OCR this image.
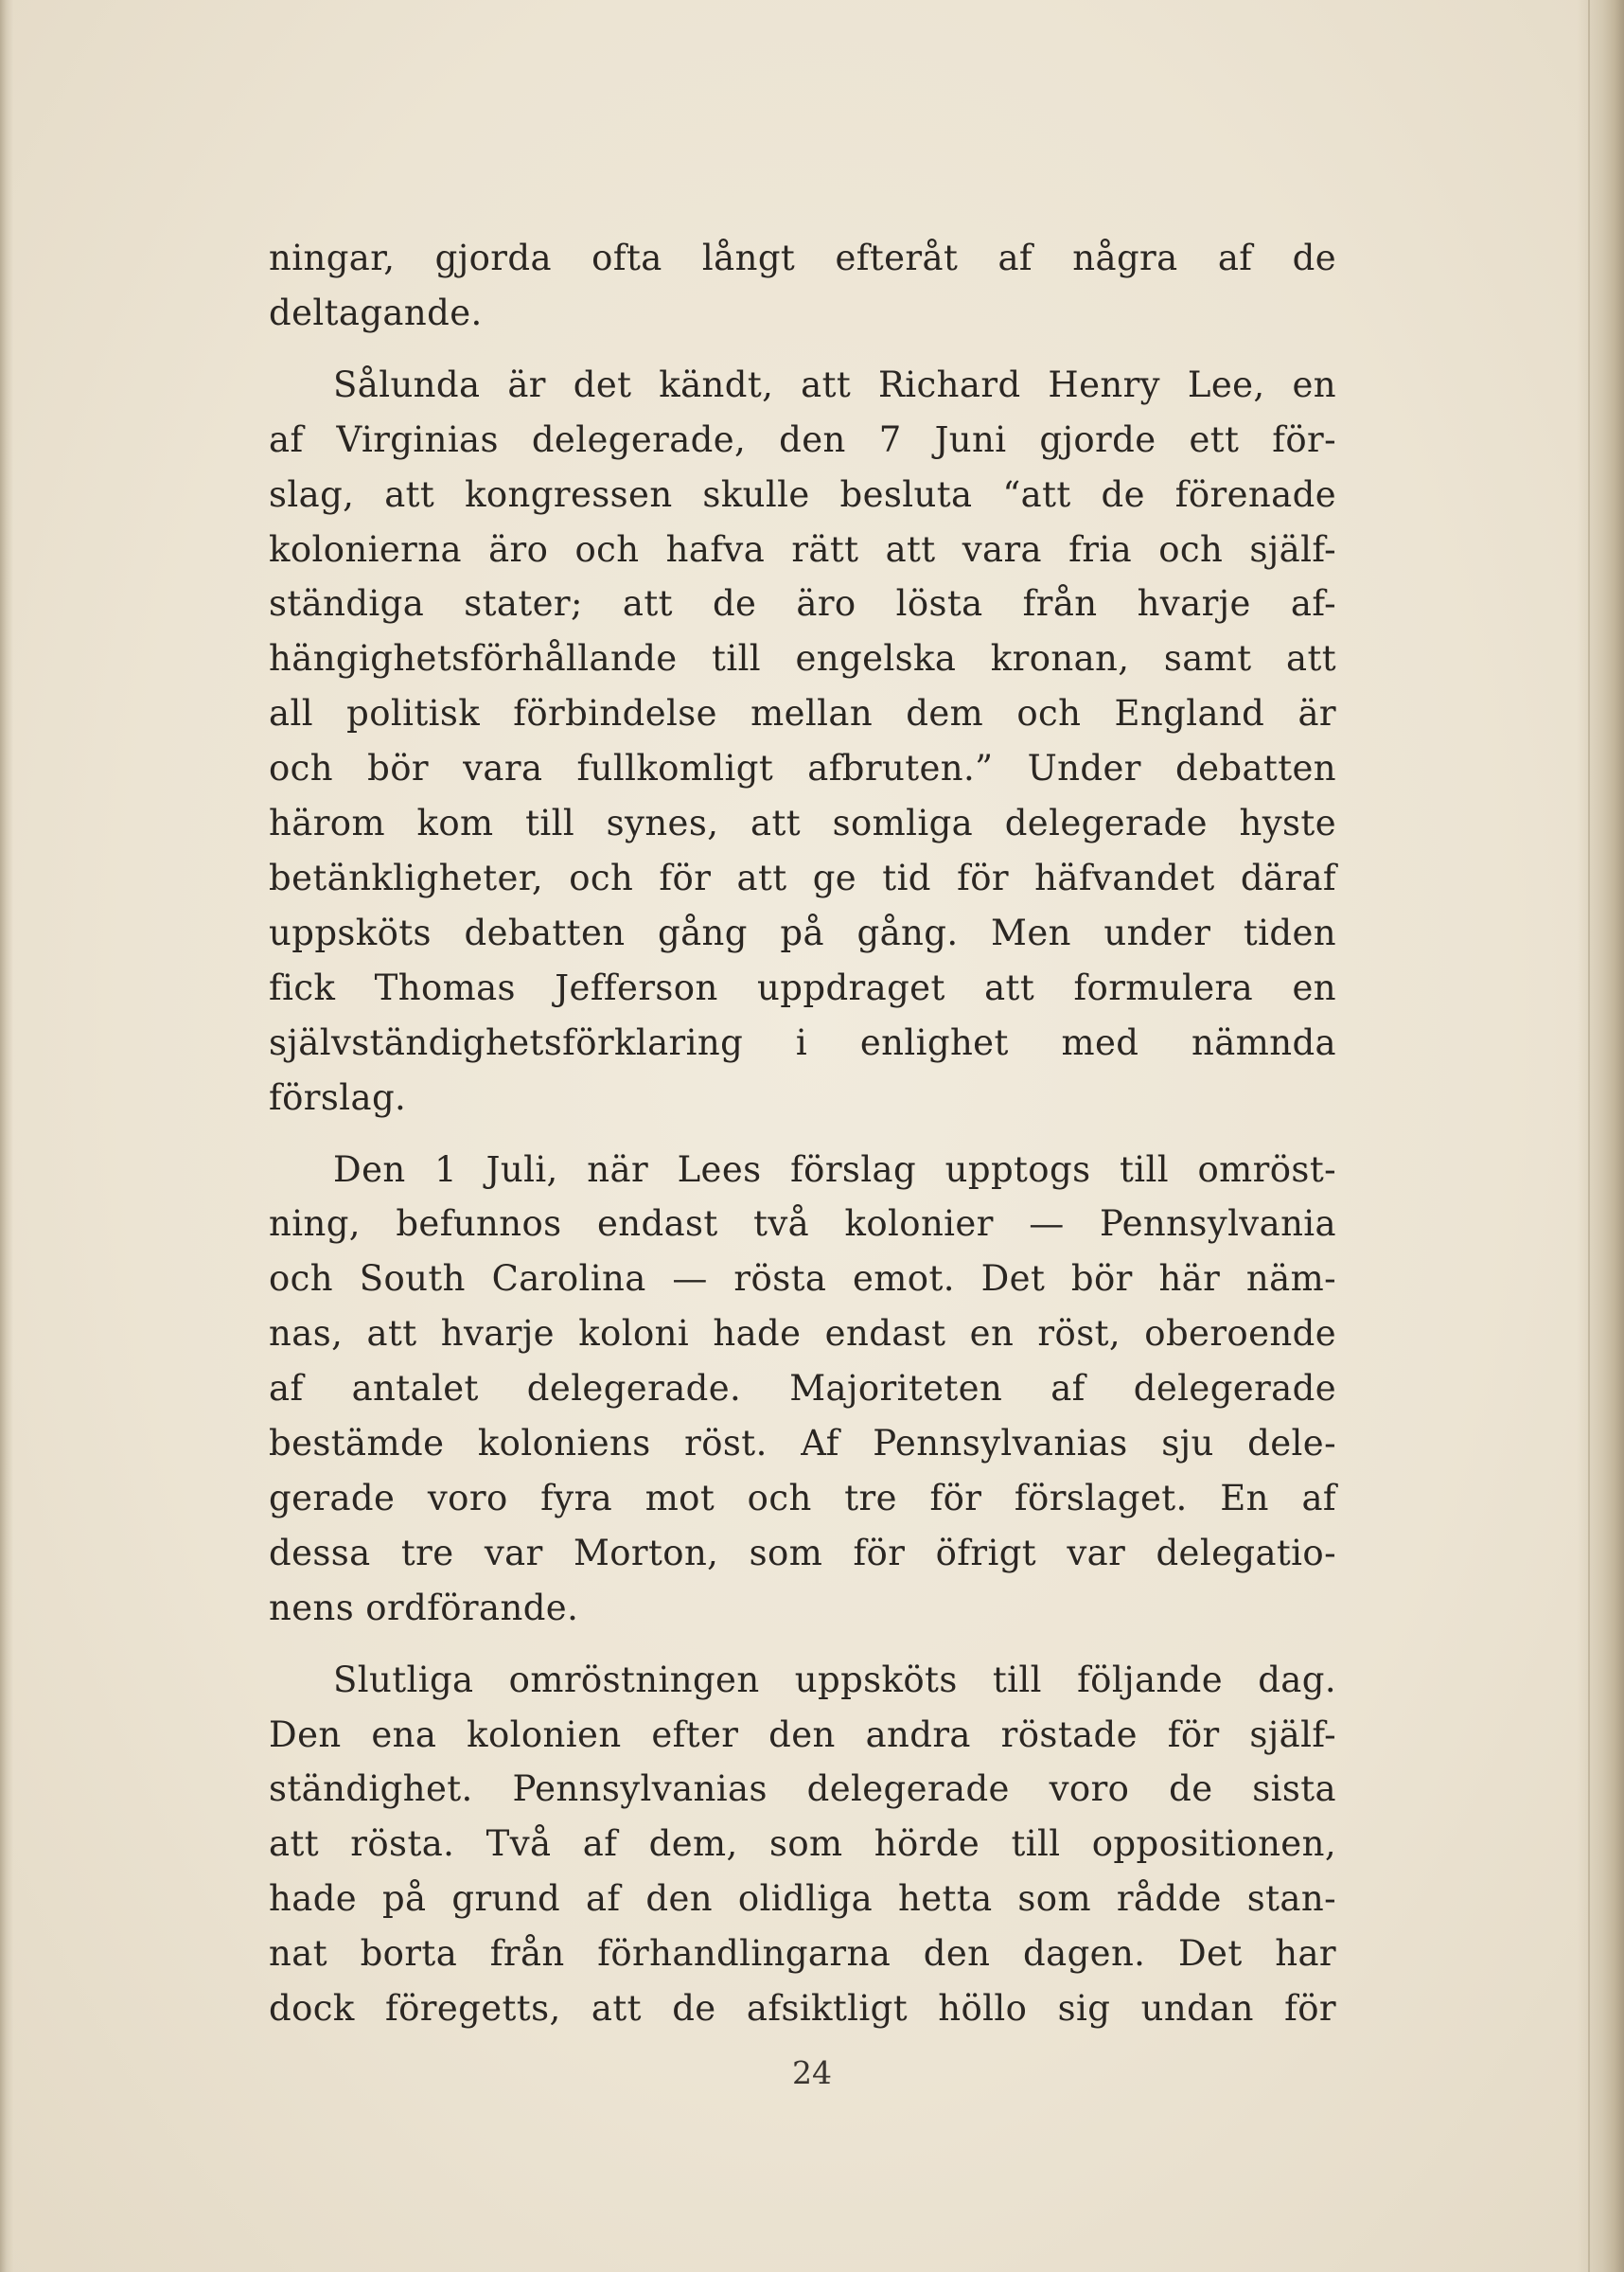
ningar, gjorda ofta långt efteråt af några af de
deltagande.

Sålunda är det kändt, att Richard Henry Lee, en
af Virginias delegerade, den 7 Juni gjorde ett för-
slag, att kongressen skulle besluta “att de förenade
kolonierna äro och hafva rätt att vara fria och själf-
ständiga stater; att de äro lösta från hvarje af-
hängighetsförhållande till engelska kronan, samt att
all politisk förbindelse mellan dem och England är
och bör vara fullkomligt afbruten.” Under debatten
härom kom till synes, att somliga delegerade hyste
betänkligheter, och för att ge tid för häfvandet däraf
uppsköts debatten gång på gång. Men under tiden
fick Thomas Jefferson uppdraget att formulera en
självständighetsförklaring i enlighet med nämnda
förslag.

Den 1 Juli, när Lees förslag upptogs till omröst-
ning, befunnos endast två kolonier — Pennsylvania
och South Carolina — rösta emot. Det bör här näm-
nas, att hvarje koloni hade endast en röst, oberoende
af antalet delegerade. Majoriteten af delegerade
bestämde koloniens röst. Af Pennsylvanias sju dele-
gerade voro fyra mot och tre för förslaget. En af
dessa tre var Morton, som för öfrigt var delegatio-
nens ordförande.

Slutliga omröstningen uppsköts till följande dag.
Den ena kolonien efter den andra röstade för själf-
ständighet. Pennsylvanias delegerade voro de sista
att rösta. Två af dem, som hörde till oppositionen,
hade på grund af den olidliga hetta som rådde stan-
nat borta från förhandlingarna den dagen. Det har
dock föregetts, att de afsiktligt höllo sig undan för

24
